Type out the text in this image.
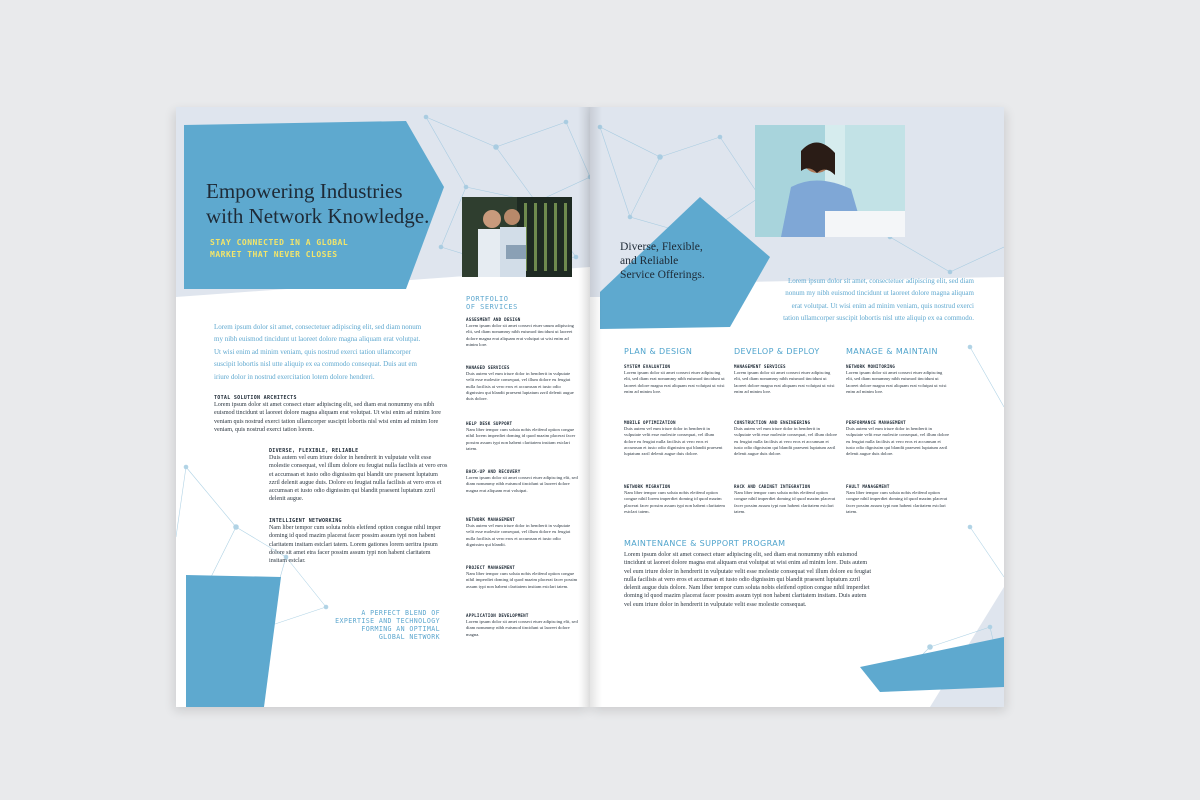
Empowering Industries
with Network Knowledge.
STAY CONNECTED IN A GLOBAL
MARKET THAT NEVER CLOSES
Lorem ipsum dolor sit amet, consectetuer adipiscing elit, sed diam nonum my nibh euismod tincidunt ut laoreet dolore magna aliquam erat volutpat. Ut wisi enim ad minim veniam, quis nostrud exerci tation ullamcorper suscipit lobortis nisl utte aliquip ex ea commodo consequat. Duis aut em iriure dolor in nostrud exercitation lotem dolore hendreri.
TOTAL SOLUTION ARCHITECTS
Lorem ipsum dolor sit amet consect etuer adipiscing elit, sed diam erat nonummy era nibh euismod tincidunt ut laoreet dolore magna aliquam erat volutpat. Ut wisi enim ad minim Iore veniam quis nostrud exerci tation ullamcorper suscipit lobortis nisl wisi enim ad minim Iore veniam, quis nostrud exerci tation lorem.
DIVERSE, FLEXIBLE, RELIABLE
Duis autem vel eum iriure dolor in hendrerit in vulputate velit esse molestie consequat, vel illum dolore eu feugiat nulla facilisis at vero eros et accumsan et iusto odio dignissim qui blandit ure praesent luptatum zzril delenit augue duis. Dolore eu feugiat nulla facilisis at vero eros et accumsan et iusto odio dignissim qui blandit praesent luptatum zzril delenit augue.
INTELLIGENT NETWORKING
Nam liber tempor cum soluta nobis eleifend option congue nihil imper doming id quod mazim placerat facer possim assum typi non habent claritatem insitam estclari tatem. Lorem gationes lorem ueritra ipsum dolore sit amet etra facer possim assum typi non habent claritatem insitam estclar.
A PERFECT BLEND OF
EXPERTISE AND TECHNOLOGY
FORMING AN OPTIMAL
GLOBAL NETWORK
PORTFOLIO
OF SERVICES
ASSESMENT AND DESIGN
Lorem ipsum dolor sit amet consect etuer unum adipiscing elit, sed diam nonummy nibh euismod tincidunt ut laoreet dolore magna erat aliquam erat volutpat ut wisi enim ad minim lore.
MANAGED SERVICES
Duis autem vel eum iriure dolor in hendrerit in vulputate velit esse molestie consequat, vel illum dolore eu feugiat nulla facilisis at vero eros et accumsan et iusto odio dignissim qui blandit praesent luptatum zzril delenit augue duis dolore.
HELP DESK SUPPORT
Nam liber tempor cum soluta nobis eleifend option congue nihil Iorem imperdiet doming id quod mazim placerat facer possim assum typi non habent claritatem insitam estclari tatem.
BACK-UP AND RECOVERY
Lorem ipsum dolor sit amet consect etuer adipiscing elit, sed diam nonummy nibh euismod tincidunt ut laoreet dolore magna erat aliquam erat volutpat.
NETWORK MANAGEMENT
Duis autem vel eum iriure dolor in hendrerit in vulputate velit esse molestie consequat, vel illum dolore eu feugiat nulla facilisis at vero eros et accumsan et iusto odio dignissim qui blandit.
PROJECT MANAGEMENT
Nam liber tempor cum soluta nobis eleifend option congue nihil imperdiet doming id quod mazim placerat facer possim assum typi non habent claritatem insitam estclari tatem.
APPLICATION DEVELOPMENT
Lorem ipsum dolor sit amet consect etuer adipiscing elit, sed diam nonummy nibh euismod tincidunt ut laoreet dolore magna.
Diverse, Flexible,
and Reliable
Service Offerings.	Lorem ipsum dolor sit amet, consectetuer adipiscing elit, sed diam nonum my nibh euismod tincidunt ut laoreet dolore magna aliquam erat volutpat. Ut wisi enim ad minim veniam, quis nostrud exerci tation ullamcorper suscipit lobortis nisl utte aliquip ex ea commodo.
PLAN & DESIGN
SYSTEM EVALUATION
Lorem ipsum dolor sit amet consect etuer adipiscing elit, sed diam erat nonummy nibh euismod tincidunt ut laoreet dolore magna erat aliquam erat volutpat ut wisi enim ad minim lore.
MOBILE OPTIMIZATION
Duis autem vel eum iriure dolor in hendrerit in vulputate velit esse molestie consequat, vel illum dolore eu feugiat nulla facilisis at vero eros et accumsan et iusto odio dignissim qui blandit praesent luptatum zzril delenit augue duis dolore.
NETWORK MIGRATION
Nam liber tempor cum soluta nobis eleifend option congue nihil Iorem imperdiet doming id quod mazim placerat facer possim assum typi non habent claritatem estclari tatem.
DEVELOP & DEPLOY
MANAGEMENT SERVICES
Lorem ipsum dolor sit amet consect etuer adipiscing elit, sed diam nonummy nibh euismod tincidunt ut laoreet dolore magna erat aliquam erat volutpat ut wisi enim ad minim lore.
CONSTRUCTION AND ENGINEERING
Duis autem vel eum iriure dolor in hendrerit in vulputate velit esse molestie consequat, vel illum dolore eu feugiat nulla facilisis at vero eros et accumsan et iusto odio dignissim qui blandit praesent luptatum zzril delenit augue duis dolore.
RACK AND CABINET INTEGRATION
Nam liber tempor cum soluta nobis eleifend option congue nihil imperdiet doming id quod mazim placerat facer possim assum typi non habent claritatem estclari tatem.
MANAGE & MAINTAIN
NETWORK MONITORING
Lorem ipsum dolor sit amet consect etuer adipiscing elit, sed diam nonummy nibh euismod tincidunt ut laoreet dolore magna erat aliquam erat volutpat ut wisi enim ad minim lore.
PERFORMANCE MANAGEMENT
Duis autem vel eum iriure dolor in hendrerit in vulputate velit esse molestie consequat, vel illum dolore eu feugiat nulla facilisis at vero eros et accumsan et iusto odio dignissim qui blandit praesent luptatum zzril delenit augue duis dolore.
FAULT MANAGEMENT
Nam liber tempor cum soluta nobis eleifend option congue nihil imperdiet doming id quod mazim placerat facer possim assum typi non habent claritatem estclari tatem.
MAINTENANCE & SUPPORT PROGRAM
Lorem ipsum dolor sit amet consect etuer adipiscing elit, sed diam erat nonummy nibh euismod tincidunt ut laoreet dolore magna erat aliquam erat volutpat ut wisi enim ad minim lore. Duis autem vel eum iriure dolor in hendrerit in vulputate velit esse molestie consequat vel illum dolore eu feugiat nulla facilisis at vero eros et accumsan et iusto odio dignissim qui blandit praesent luptatum zzril delenit augue duis dolore. Nam liber tempor cum soluta nobis eleifend option congue nihil imperdiet doming id quod mazim placerat facer possim assum typi non habent claritatem insitam. Duis autem vel eum iriure dolor in hendrerit in vulputate velit esse molestie consequat.
